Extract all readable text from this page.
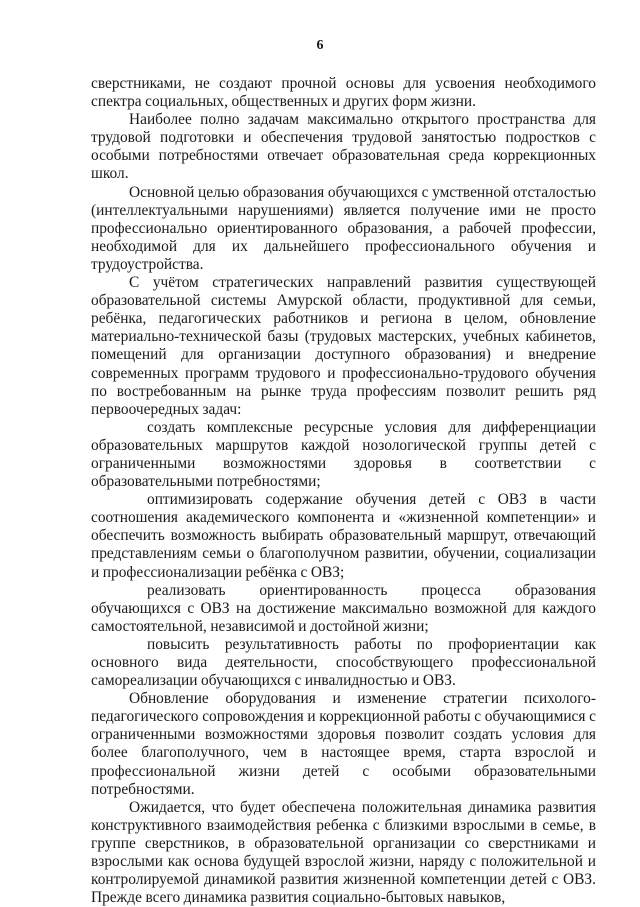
6

сверстниками, не создают прочной основы для усвоения необходимого спектра социальных, общественных и других форм жизни.

Наиболее полно задачам максимально открытого пространства для трудовой подготовки и обеспечения трудовой занятостью подростков с особыми потребностями отвечает образовательная среда коррекционных школ.

Основной целью образования обучающихся с умственной отсталостью (интеллектуальными нарушениями) является получение ими не просто профессионально ориентированного образования, а рабочей профессии, необходимой для их дальнейшего профессионального обучения и трудоустройства.

С учётом стратегических направлений развития существующей образовательной системы Амурской области, продуктивной для семьи, ребёнка, педагогических работников и региона в целом, обновление материально-технической базы (трудовых мастерских, учебных кабинетов, помещений для организации доступного образования) и внедрение современных программ трудового и профессионально-трудового обучения по востребованным на рынке труда профессиям позволит решить ряд первоочередных задач:

создать комплексные ресурсные условия для дифференциации образовательных маршрутов каждой нозологической группы детей с ограниченными возможностями здоровья в соответствии с образовательными потребностями;

оптимизировать содержание обучения детей с ОВЗ в части соотношения академического компонента и «жизненной компетенции» и обеспечить возможность выбирать образовательный маршрут, отвечающий представлениям семьи о благополучном развитии, обучении, социализации и профессионализации ребёнка с ОВЗ;

реализовать ориентированность процесса образования обучающихся с ОВЗ на достижение максимально возможной для каждого самостоятельной, независимой и достойной жизни;

повысить результативность работы по профориентации как основного вида деятельности, способствующего профессиональной самореализации обучающихся с инвалидностью и ОВЗ.

Обновление оборудования и изменение стратегии психолого-педагогического сопровождения и коррекционной работы с обучающимися с ограниченными возможностями здоровья позволит создать условия для более благополучного, чем в настоящее время, старта взрослой и профессиональной жизни детей с особыми образовательными потребностями.

Ожидается, что будет обеспечена положительная динамика развития конструктивного взаимодействия ребенка с близкими взрослыми в семье, в группе сверстников, в образовательной организации со сверстниками и взрослыми как основа будущей взрослой жизни, наряду с положительной и контролируемой динамикой развития жизненной компетенции детей с ОВЗ. Прежде всего динамика развития социально-бытовых навыков,
